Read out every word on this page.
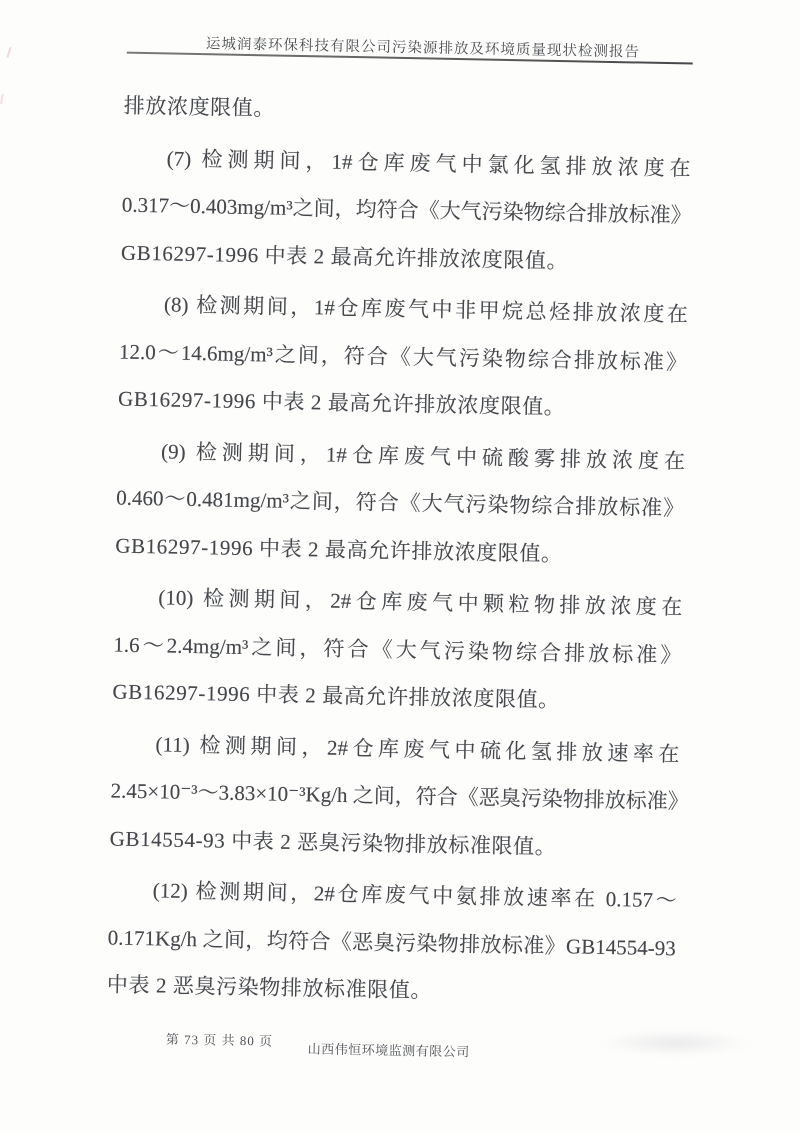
运城润泰环保科技有限公司污染源排放及环境质量现状检测报告
排放浓度限值。
(7) 检测期间，1#仓库废气中氯化氢排放浓度在
0.317～0.403mg/m³之间，均符合《大气污染物综合排放标准》
GB16297-1996 中表 2 最高允许排放浓度限值。
(8) 检测期间，1#仓库废气中非甲烷总烃排放浓度在
12.0～14.6mg/m³之间，符合《大气污染物综合排放标准》
GB16297-1996 中表 2 最高允许排放浓度限值。
(9) 检测期间，1#仓库废气中硫酸雾排放浓度在
0.460～0.481mg/m³之间，符合《大气污染物综合排放标准》
GB16297-1996 中表 2 最高允许排放浓度限值。
(10) 检测期间，2#仓库废气中颗粒物排放浓度在
1.6～2.4mg/m³之间，符合《大气污染物综合排放标准》
GB16297-1996 中表 2 最高允许排放浓度限值。
(11) 检测期间，2#仓库废气中硫化氢排放速率在
2.45×10⁻³～3.83×10⁻³Kg/h 之间，符合《恶臭污染物排放标准》
GB14554-93 中表 2 恶臭污染物排放标准限值。
(12) 检测期间，2#仓库废气中氨排放速率在 0.157～
0.171Kg/h 之间，均符合《恶臭污染物排放标准》GB14554-93
中表 2 恶臭污染物排放标准限值。
第 73 页 共 80 页
山西伟恒环境监测有限公司
